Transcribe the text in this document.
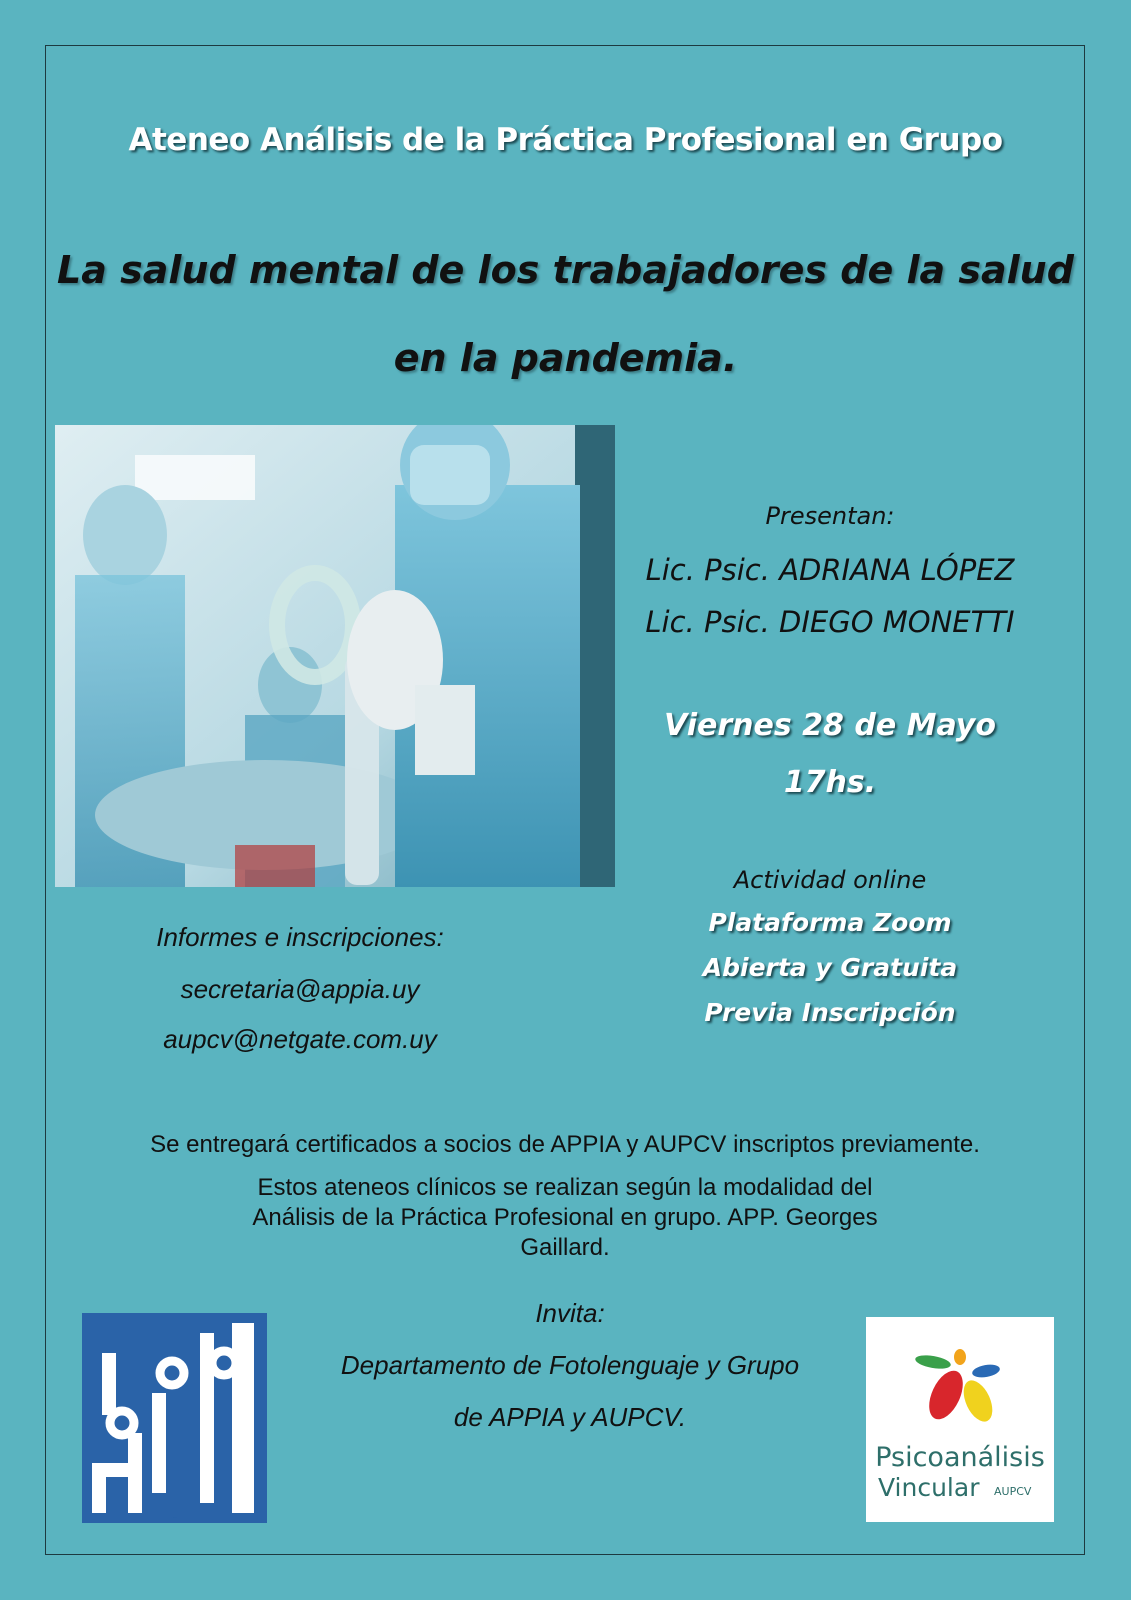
Ateneo Análisis de la Práctica Profesional en Grupo
La salud mental de los trabajadores de la salud
en la pandemia.
Presentan:
Lic. Psic. ADRIANA LÓPEZ
Lic. Psic. DIEGO MONETTI
Viernes 28 de Mayo
17hs.
Actividad online
Plataforma Zoom
Abierta y Gratuita
Previa Inscripción
Informes e inscripciones:
secretaria@appia.uy
aupcv@netgate.com.uy
Se entregará certificados a socios de APPIA y AUPCV inscriptos previamente.
Estos ateneos clínicos se realizan según la modalidad del Análisis de la Práctica Profesional en grupo. APP. Georges Gaillard.
Invita:
Departamento de Fotolenguaje y Grupo
de APPIA y AUPCV.
appia
Psicoanálisis
Vincular AUPCV
